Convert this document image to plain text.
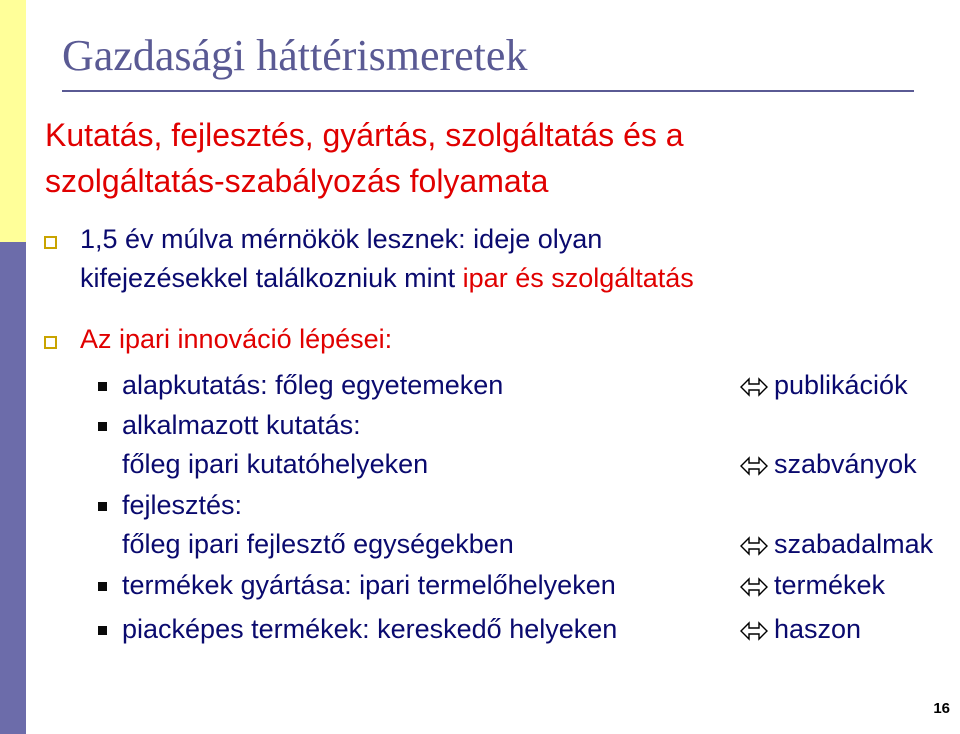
Gazdasági háttérismeretek
Kutatás, fejlesztés, gyártás, szolgáltatás és a
szolgáltatás-szabályozás folyamata
1,5 év múlva mérnökök lesznek: ideje olyan
kifejezésekkel találkozniuk mint ipar és szolgáltatás
Az ipari innováció lépései:
alapkutatás: főleg egyetemeken	publikációk
alkalmazott kutatás:
főleg ipari kutatóhelyeken	szabványok
fejlesztés:
főleg ipari fejlesztő egységekben	szabadalmak
termékek gyártása: ipari termelőhelyeken	termékek
piacképes termékek: kereskedő helyeken	haszon
16
